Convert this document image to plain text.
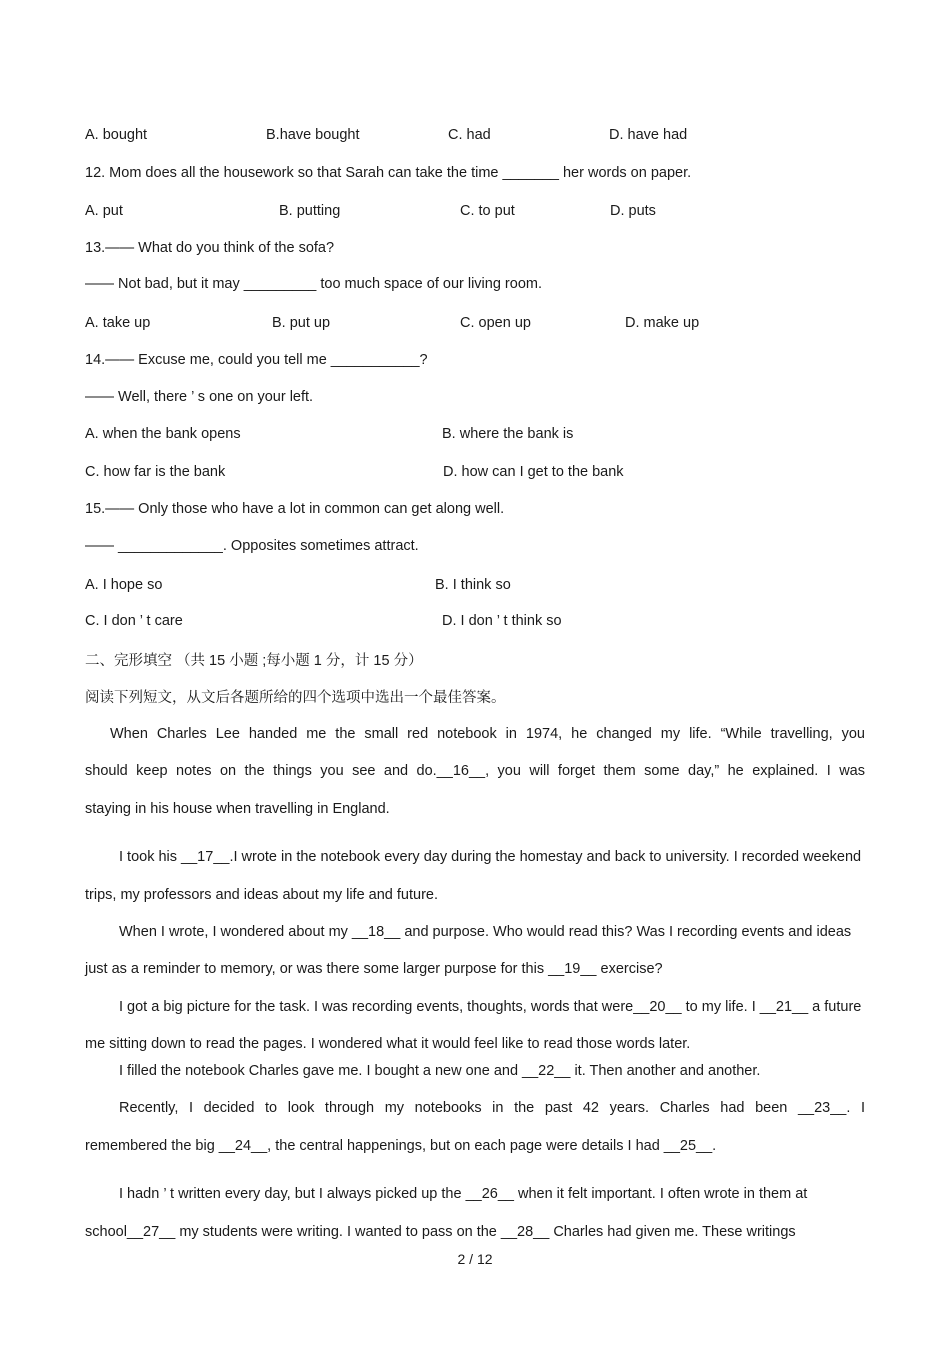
A. bought	B.have bought	C. had	D. have had
12. Mom does all the housework so that Sarah can take the time _______ her words on paper.
A. put	B. putting	C. to put	D. puts
13.—— What do you think of the sofa?
—— Not bad, but it may _________ too much space of our living room.
A. take up	B. put up	C. open up	D. make up
14.—— Excuse me, could you tell me ___________?
—— Well, there ’ s one on your left.
A. when the bank opens	B. where the bank is
C. how far is the bank	D. how can I get to the bank
15.—— Only those who have a lot in common can get along well.
—— _____________. Opposites sometimes attract.
A. I hope so	B. I think so
C. I don ’ t care	D. I don ’ t think so
二、完形填空 （共 15 小题 ;每小题 1 分，计 15 分）
阅读下列短文，从文后各题所给的四个选项中选出一个最佳答案。
When Charles Lee handed me the small red notebook in 1974, he changed my life. “While travelling, you
should keep notes on the things you see and do.__16__, you will forget them some day,” he explained. I was
staying in his house when travelling in England.
I took his __17__.I wrote in the notebook every day during the homestay and back to university. I recorded weekend trips, my professors and ideas about my life and future.
When I wrote, I wondered about my __18__ and purpose. Who would read this? Was I recording events and ideas just as a reminder to memory, or was there some larger purpose for this __19__ exercise?
I got a big picture for the task. I was recording events, thoughts, words that were__20__ to my life. I __21__ a future me sitting down to read the pages. I wondered what it would feel like to read those words later.
I filled the notebook Charles gave me. I bought a new one and __22__ it. Then another and another.
Recently, I decided to look through my notebooks in the past 42 years. Charles had been __23__. I
remembered the big __24__, the central happenings, but on each page were details I had __25__.
I hadn ’ t written every day, but I always picked up the __26__ when it felt important. I often wrote in them at school__27__ my students were writing. I wanted to pass on the __28__ Charles had given me. These writings
2 / 12
